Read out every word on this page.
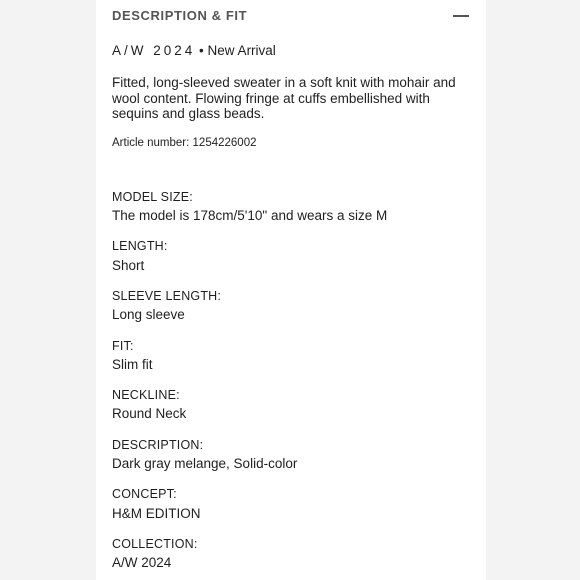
DESCRIPTION & FIT
A/W 2024 • New Arrival
Fitted, long-sleeved sweater in a soft knit with mohair and wool content. Flowing fringe at cuffs embellished with sequins and glass beads.
Article number: 1254226002
MODEL SIZE:
The model is 178cm/5'10" and wears a size M
LENGTH:
Short
SLEEVE LENGTH:
Long sleeve
FIT:
Slim fit
NECKLINE:
Round Neck
DESCRIPTION:
Dark gray melange, Solid-color
CONCEPT:
H&M EDITION
COLLECTION:
A/W 2024
